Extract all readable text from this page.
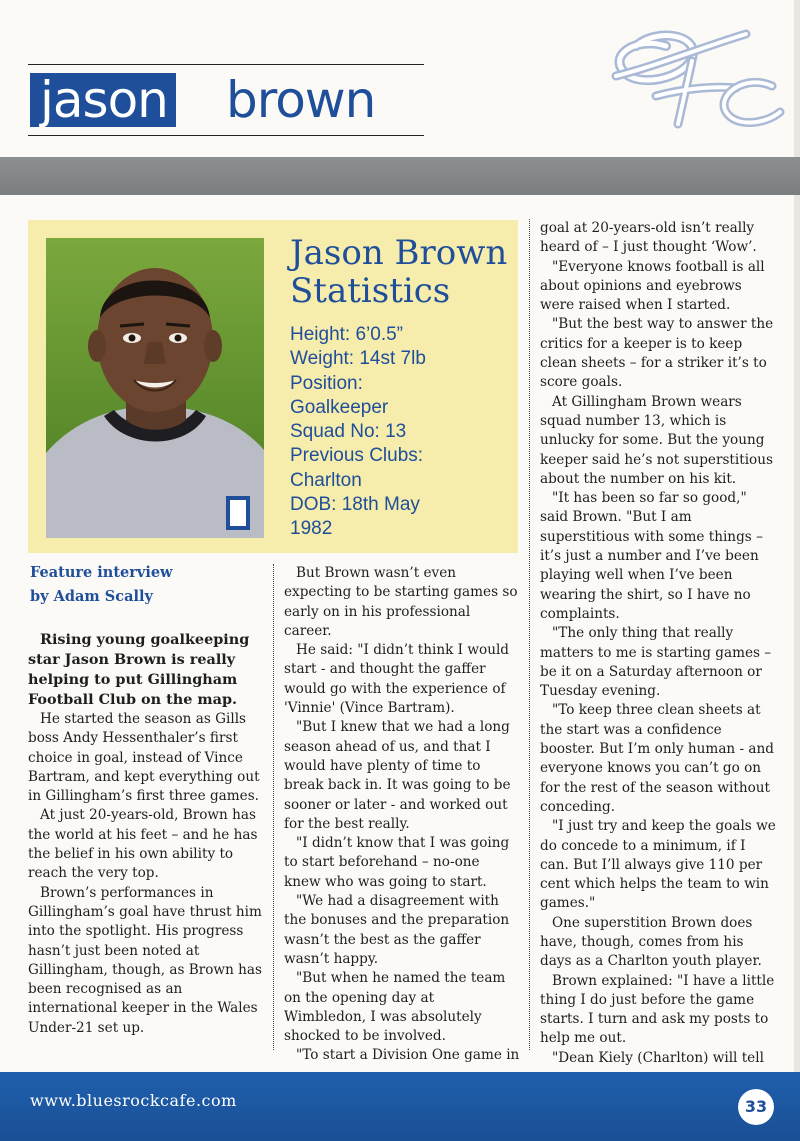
jason brown
Jason Brown Statistics

Height: 6’0.5”

Weight: 14st 7lb

Position:

Goalkeeper

Squad No: 13

Previous Clubs:

Charlton

DOB: 18th May

1982

Feature interview
by Adam Scally

Rising young goalkeeping star Jason Brown is really helping to put Gillingham Football Club on the map.

He started the season as Gills boss Andy Hessenthaler’s first choice in goal, instead of Vince Bartram, and kept everything out in Gillingham’s first three games.

At just 20-years-old, Brown has the world at his feet – and he has the belief in his own ability to reach the very top.

Brown’s performances in Gillingham’s goal have thrust him into the spotlight. His progress hasn’t just been noted at Gillingham, though, as Brown has been recognised as an international keeper in the Wales Under-21 set up.

But Brown wasn’t even expecting to be starting games so early on in his professional career.

He said: "I didn’t think I would start - and thought the gaffer would go with the experience of 'Vinnie' (Vince Bartram).

"But I knew that we had a long season ahead of us, and that I would have plenty of time to break back in. It was going to be sooner or later - and worked out for the best really.

"I didn’t know that I was going to start beforehand – no-one knew who was going to start.

"We had a disagreement with the bonuses and the preparation wasn’t the best as the gaffer wasn’t happy.

"But when he named the team on the opening day at Wimbledon, I was absolutely shocked to be involved.

"To start a Division One game in

goal at 20-years-old isn’t really heard of – I just thought ‘Wow’.

"Everyone knows football is all about opinions and eyebrows were raised when I started.

"But the best way to answer the critics for a keeper is to keep clean sheets – for a striker it’s to score goals.

At Gillingham Brown wears squad number 13, which is unlucky for some. But the young keeper said he’s not superstitious about the number on his kit.

"It has been so far so good," said Brown. "But I am superstitious with some things – it’s just a number and I’ve been playing well when I’ve been wearing the shirt, so I have no complaints.

"The only thing that really matters to me is starting games – be it on a Saturday afternoon or Tuesday evening.

"To keep three clean sheets at the start was a confidence booster. But I’m only human - and everyone knows you can’t go on for the rest of the season without conceding.

"I just try and keep the goals we do concede to a minimum, if I can. But I’ll always give 110 per cent which helps the team to win games."

One superstition Brown does have, though, comes from his days as a Charlton youth player.

Brown explained: "I have a little thing I do just before the game starts. I turn and ask my posts to help me out.

"Dean Kiely (Charlton) will tell

www.bluesrockcafe.com	33
